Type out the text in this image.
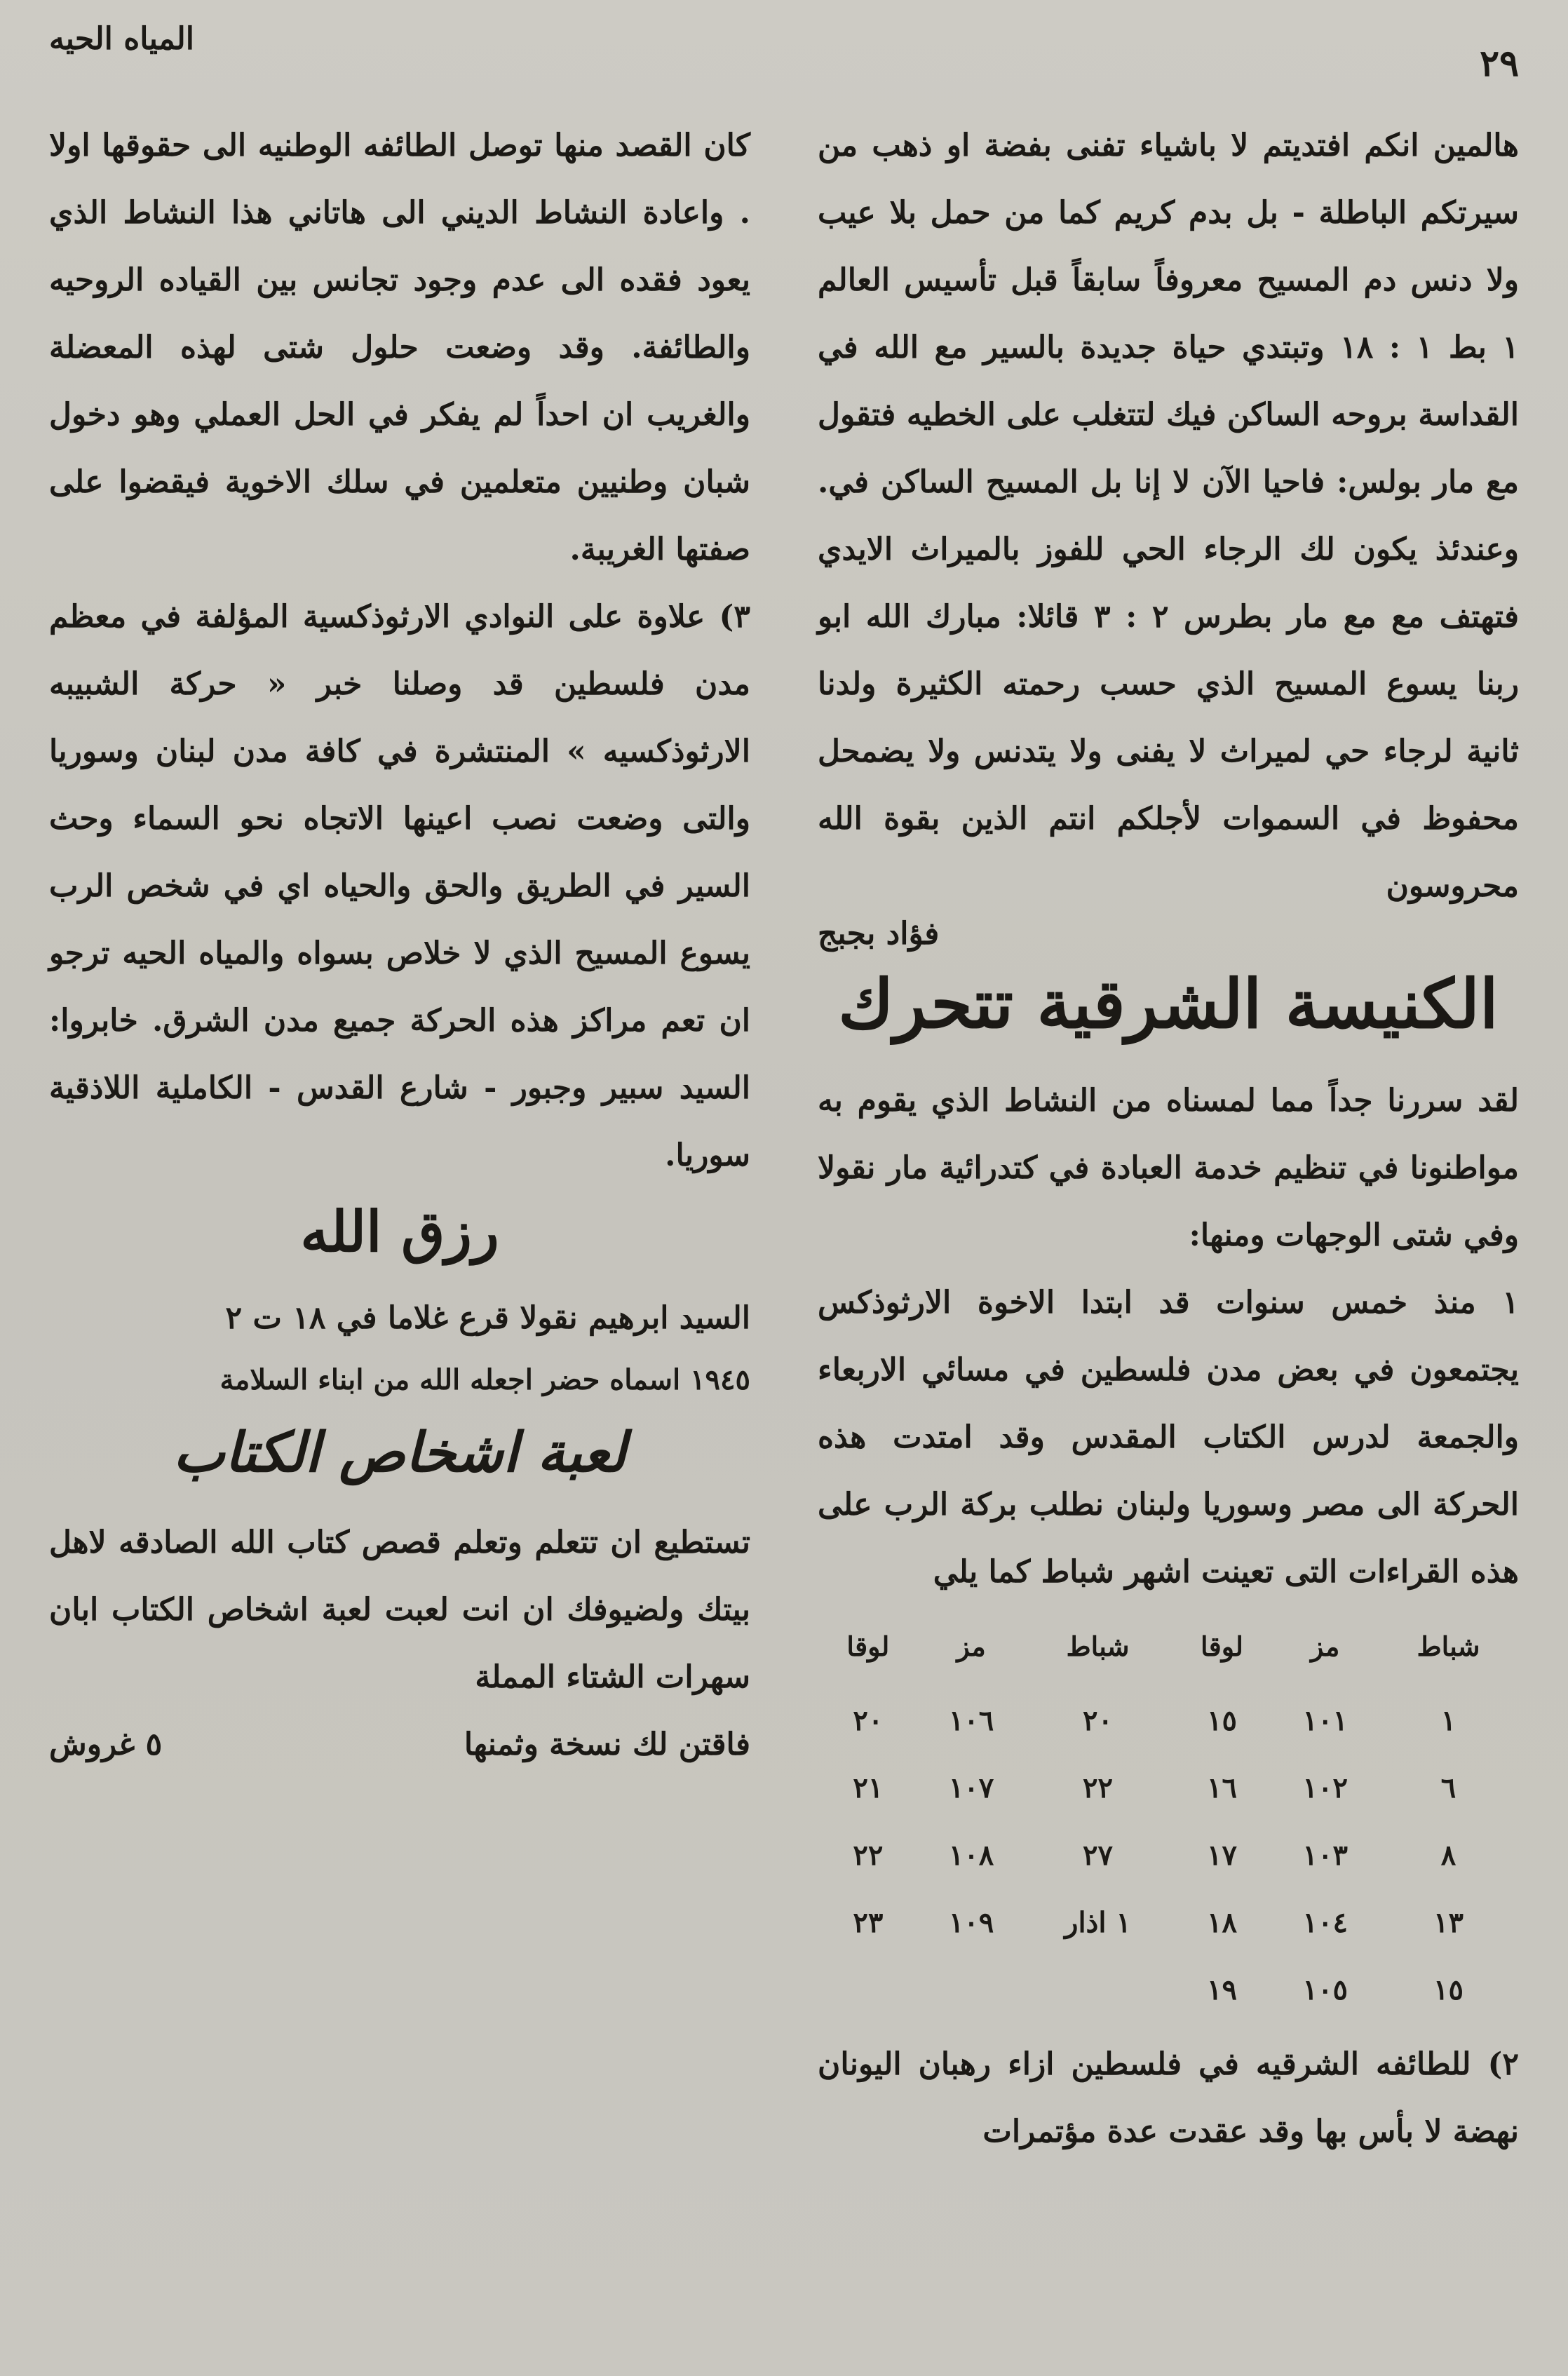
المياه الحيه
٢٩

هالمين انكم افتديتم لا باشياء تفنى بفضة او ذهب من سيرتكم الباطلة - بل بدم كريم كما من حمل بلا عيب ولا دنس دم المسيح معروفاً سابقاً قبل تأسيس العالم ١ بط ١ : ١٨ وتبتدي حياة جديدة بالسير مع الله في القداسة بروحه الساكن فيك لتتغلب على الخطيه فتقول مع مار بولس: فاحيا الآن لا إنا بل المسيح الساكن في. وعندئذ يكون لك الرجاء الحي للفوز بالميراث الايدي فتهتف مع مع مار بطرس ٢ : ٣ قائلا: مبارك الله ابو ربنا يسوع المسيح الذي حسب رحمته الكثيرة ولدنا ثانية لرجاء حي لميراث لا يفنى ولا يتدنس ولا يضمحل محفوظ في السموات لأجلكم انتم الذين بقوة الله محروسون

فؤاد بجبج
الكنيسة الشرقية تتحرك

لقد سررنا جداً مما لمسناه من النشاط الذي يقوم به مواطنونا في تنظيم خدمة العبادة في كتدرائية مار نقولا وفي شتى الوجهات ومنها:

١ منذ خمس سنوات قد ابتدا الاخوة الارثوذكس يجتمعون في بعض مدن فلسطين في مسائي الاربعاء والجمعة لدرس الكتاب المقدس وقد امتدت هذه الحركة الى مصر وسوريا ولبنان نطلب بركة الرب على هذه القراءات التى تعينت اشهر شباط كما يلي

شباط	مز	لوقا	شباط	مز	لوقا
١	١٠١	١٥	٢٠	١٠٦	٢٠
٦	١٠٢	١٦	٢٢	١٠٧	٢١
٨	١٠٣	١٧	٢٧	١٠٨	٢٢
١٣	١٠٤	١٨	١ اذار	١٠٩	٢٣
١٥	١٠٥	١٩			

٢) للطائفه الشرقيه في فلسطين ازاء رهبان اليونان نهضة لا بأس بها وقد عقدت عدة مؤتمرات

كان القصد منها توصل الطائفه الوطنيه الى حقوقها اولا . واعادة النشاط الديني الى هاتاني هذا النشاط الذي يعود فقده الى عدم وجود تجانس بين القياده الروحيه والطائفة. وقد وضعت حلول شتى لهذه المعضلة والغريب ان احداً لم يفكر في الحل العملي وهو دخول شبان وطنيين متعلمين في سلك الاخوية فيقضوا على صفتها الغريبة.

٣) علاوة على النوادي الارثوذكسية المؤلفة في معظم مدن فلسطين قد وصلنا خبر « حركة الشبيبه الارثوذكسيه » المنتشرة في كافة مدن لبنان وسوريا والتى وضعت نصب اعينها الاتجاه نحو السماء وحث السير في الطريق والحق والحياه اي في شخص الرب يسوع المسيح الذي لا خلاص بسواه والمياه الحيه ترجو ان تعم مراكز هذه الحركة جميع مدن الشرق. خابروا: السيد سبير وجبور - شارع القدس - الكاملية اللاذقية سوريا.

رزق الله
السيد ابرهيم نقولا قرع غلاما في ١٨ ت ٢
١٩٤٥ اسماه حضر اجعله الله من ابناء السلامة
لعبة اشخاص الكتاب

تستطيع ان تتعلم وتعلم قصص كتاب الله الصادقه لاهل بيتك ولضيوفك ان انت لعبت لعبة اشخاص الكتاب ابان سهرات الشتاء المملة

فاقتن لك نسخة وثمنها
٥ غروش
